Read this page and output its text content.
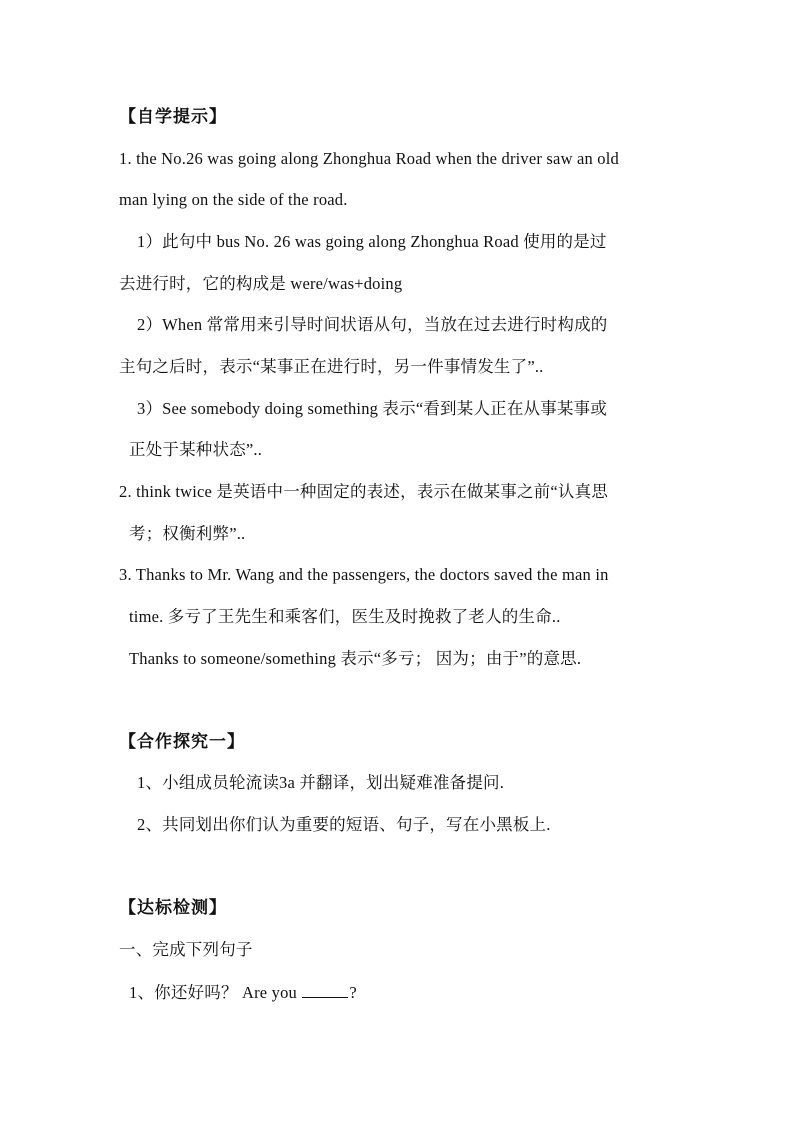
【自学提示】
1. the No.26 was going along Zhonghua Road when the driver saw an old
man lying on the side of the road.
1）此句中 bus No. 26 was going along Zhonghua Road 使用的是过
去进行时，它的构成是 were/was+doing
2）When 常常用来引导时间状语从句，当放在过去进行时构成的
主句之后时，表示“某事正在进行时，另一件事情发生了”..
3）See somebody doing something 表示“看到某人正在从事某事或
正处于某种状态”..
2. think twice 是英语中一种固定的表述，表示在做某事之前“认真思
考；权衡利弊”..
3. Thanks to Mr. Wang and the passengers, the doctors saved the man in
time. 多亏了王先生和乘客们，医生及时挽救了老人的生命..
Thanks to someone/something 表示“多亏； 因为；由于”的意思.
【合作探究一】
1、小组成员轮流读3a 并翻译，划出疑难准备提问.
2、共同划出你们认为重要的短语、句子，写在小黑板上.
【达标检测】
一、完成下列句子
1、你还好吗？ Are you	?
